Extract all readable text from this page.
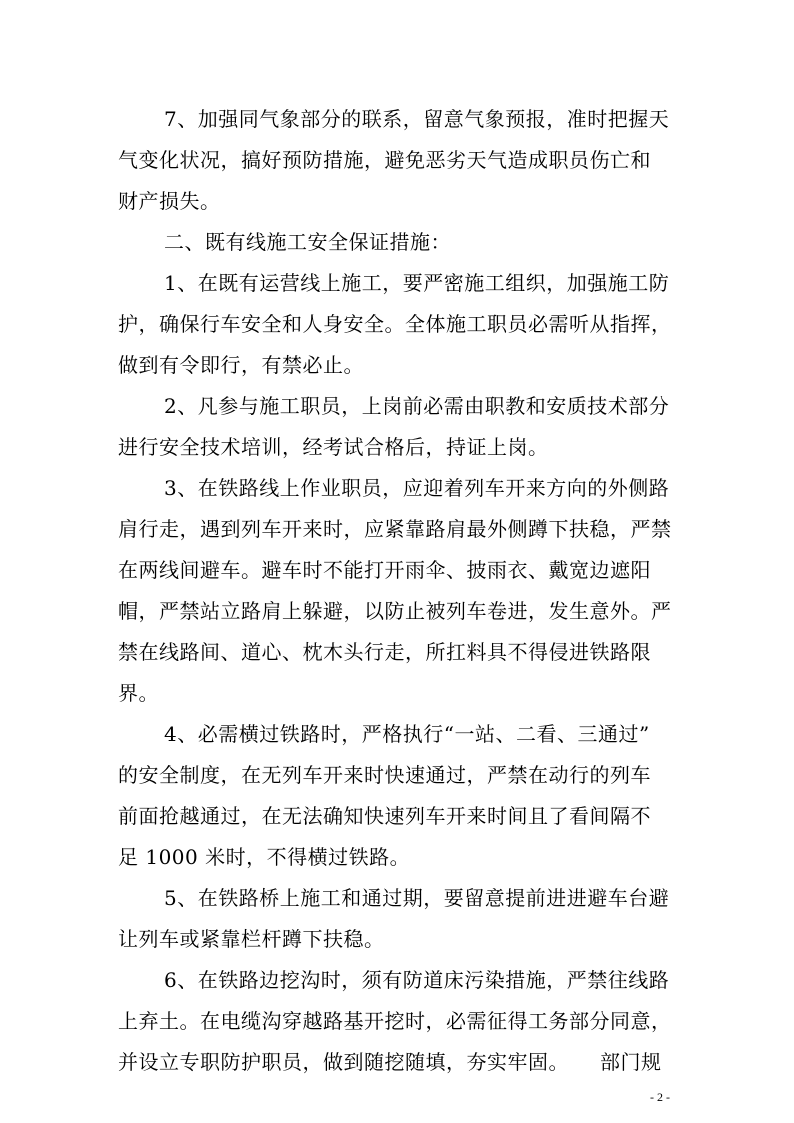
7、加强同气象部分的联系，留意气象预报，准时把握天
气变化状况，搞好预防措施，避免恶劣天气造成职员伤亡和
财产损失。
二、既有线施工安全保证措施：
1、在既有运营线上施工，要严密施工组织，加强施工防
护，确保行车安全和人身安全。全体施工职员必需听从指挥，
做到有令即行，有禁必止。
2、凡参与施工职员，上岗前必需由职教和安质技术部分
进行安全技术培训，经考试合格后，持证上岗。
3、在铁路线上作业职员，应迎着列车开来方向的外侧路
肩行走，遇到列车开来时，应紧靠路肩最外侧蹲下扶稳，严禁
在两线间避车。避车时不能打开雨伞、披雨衣、戴宽边遮阳
帽，严禁站立路肩上躲避，以防止被列车卷进，发生意外。严
禁在线路间、道心、枕木头行走，所扛料具不得侵进铁路限
界。
4、必需横过铁路时，严格执行“一站、二看、三通过”
的安全制度，在无列车开来时快速通过，严禁在动行的列车
前面抢越通过，在无法确知快速列车开来时间且了看间隔不
足 1000 米时，不得横过铁路。
5、在铁路桥上施工和通过期，要留意提前进进避车台避
让列车或紧靠栏杆蹲下扶稳。
6、在铁路边挖沟时，须有防道床污染措施，严禁往线路
上弃土。在电缆沟穿越路基开挖时，必需征得工务部分同意，
并设立专职防护职员，做到随挖随填，夯实牢固。　　部门规
- 2 -
